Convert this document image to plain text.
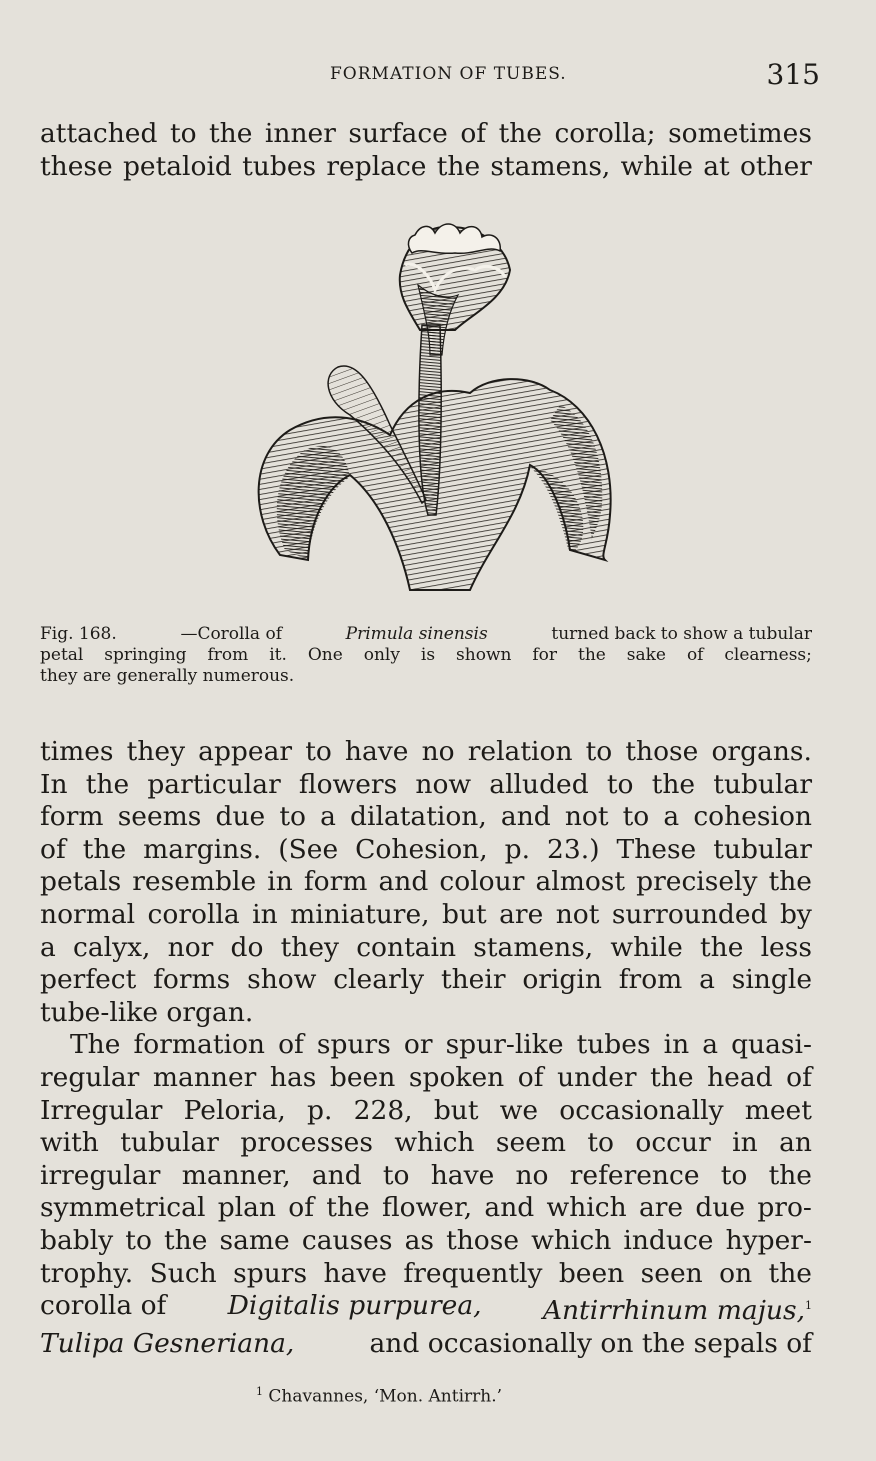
FORMATION OF TUBES.	315
attached to the inner surface of the corolla; sometimes
these petaloid tubes replace the stamens, while at other
Fig. 168.	—Corolla of	Primula sinensis	turned back to show a tubular
petal springing from it. One only is shown for the sake of clearness;
they are generally numerous.
times they appear to have no relation to those organs.
In the particular flowers now alluded to the tubular
form seems due to a dilatation, and not to a cohesion
of the margins. (See Cohesion, p. 23.) These tubular
petals resemble in form and colour almost precisely the
normal corolla in miniature, but are not surrounded by
a calyx, nor do they contain stamens, while the less
perfect forms show clearly their origin from a single
tube-like organ.
The formation of spurs or spur-like tubes in a quasi-
regular manner has been spoken of under the head of
Irregular Peloria, p. 228, but we occasionally meet
with tubular processes which seem to occur in an
irregular manner, and to have no reference to the
symmetrical plan of the flower, and which are due pro-
bably to the same causes as those which induce hyper-
trophy. Such spurs have frequently been seen on the
corolla of Digitalis purpurea, Antirrhinum majus,$^1$
Tulipa Gesneriana,	and occasionally on the sepals of
$^1$ Chavannes, ‘Mon. Antirrh.’
